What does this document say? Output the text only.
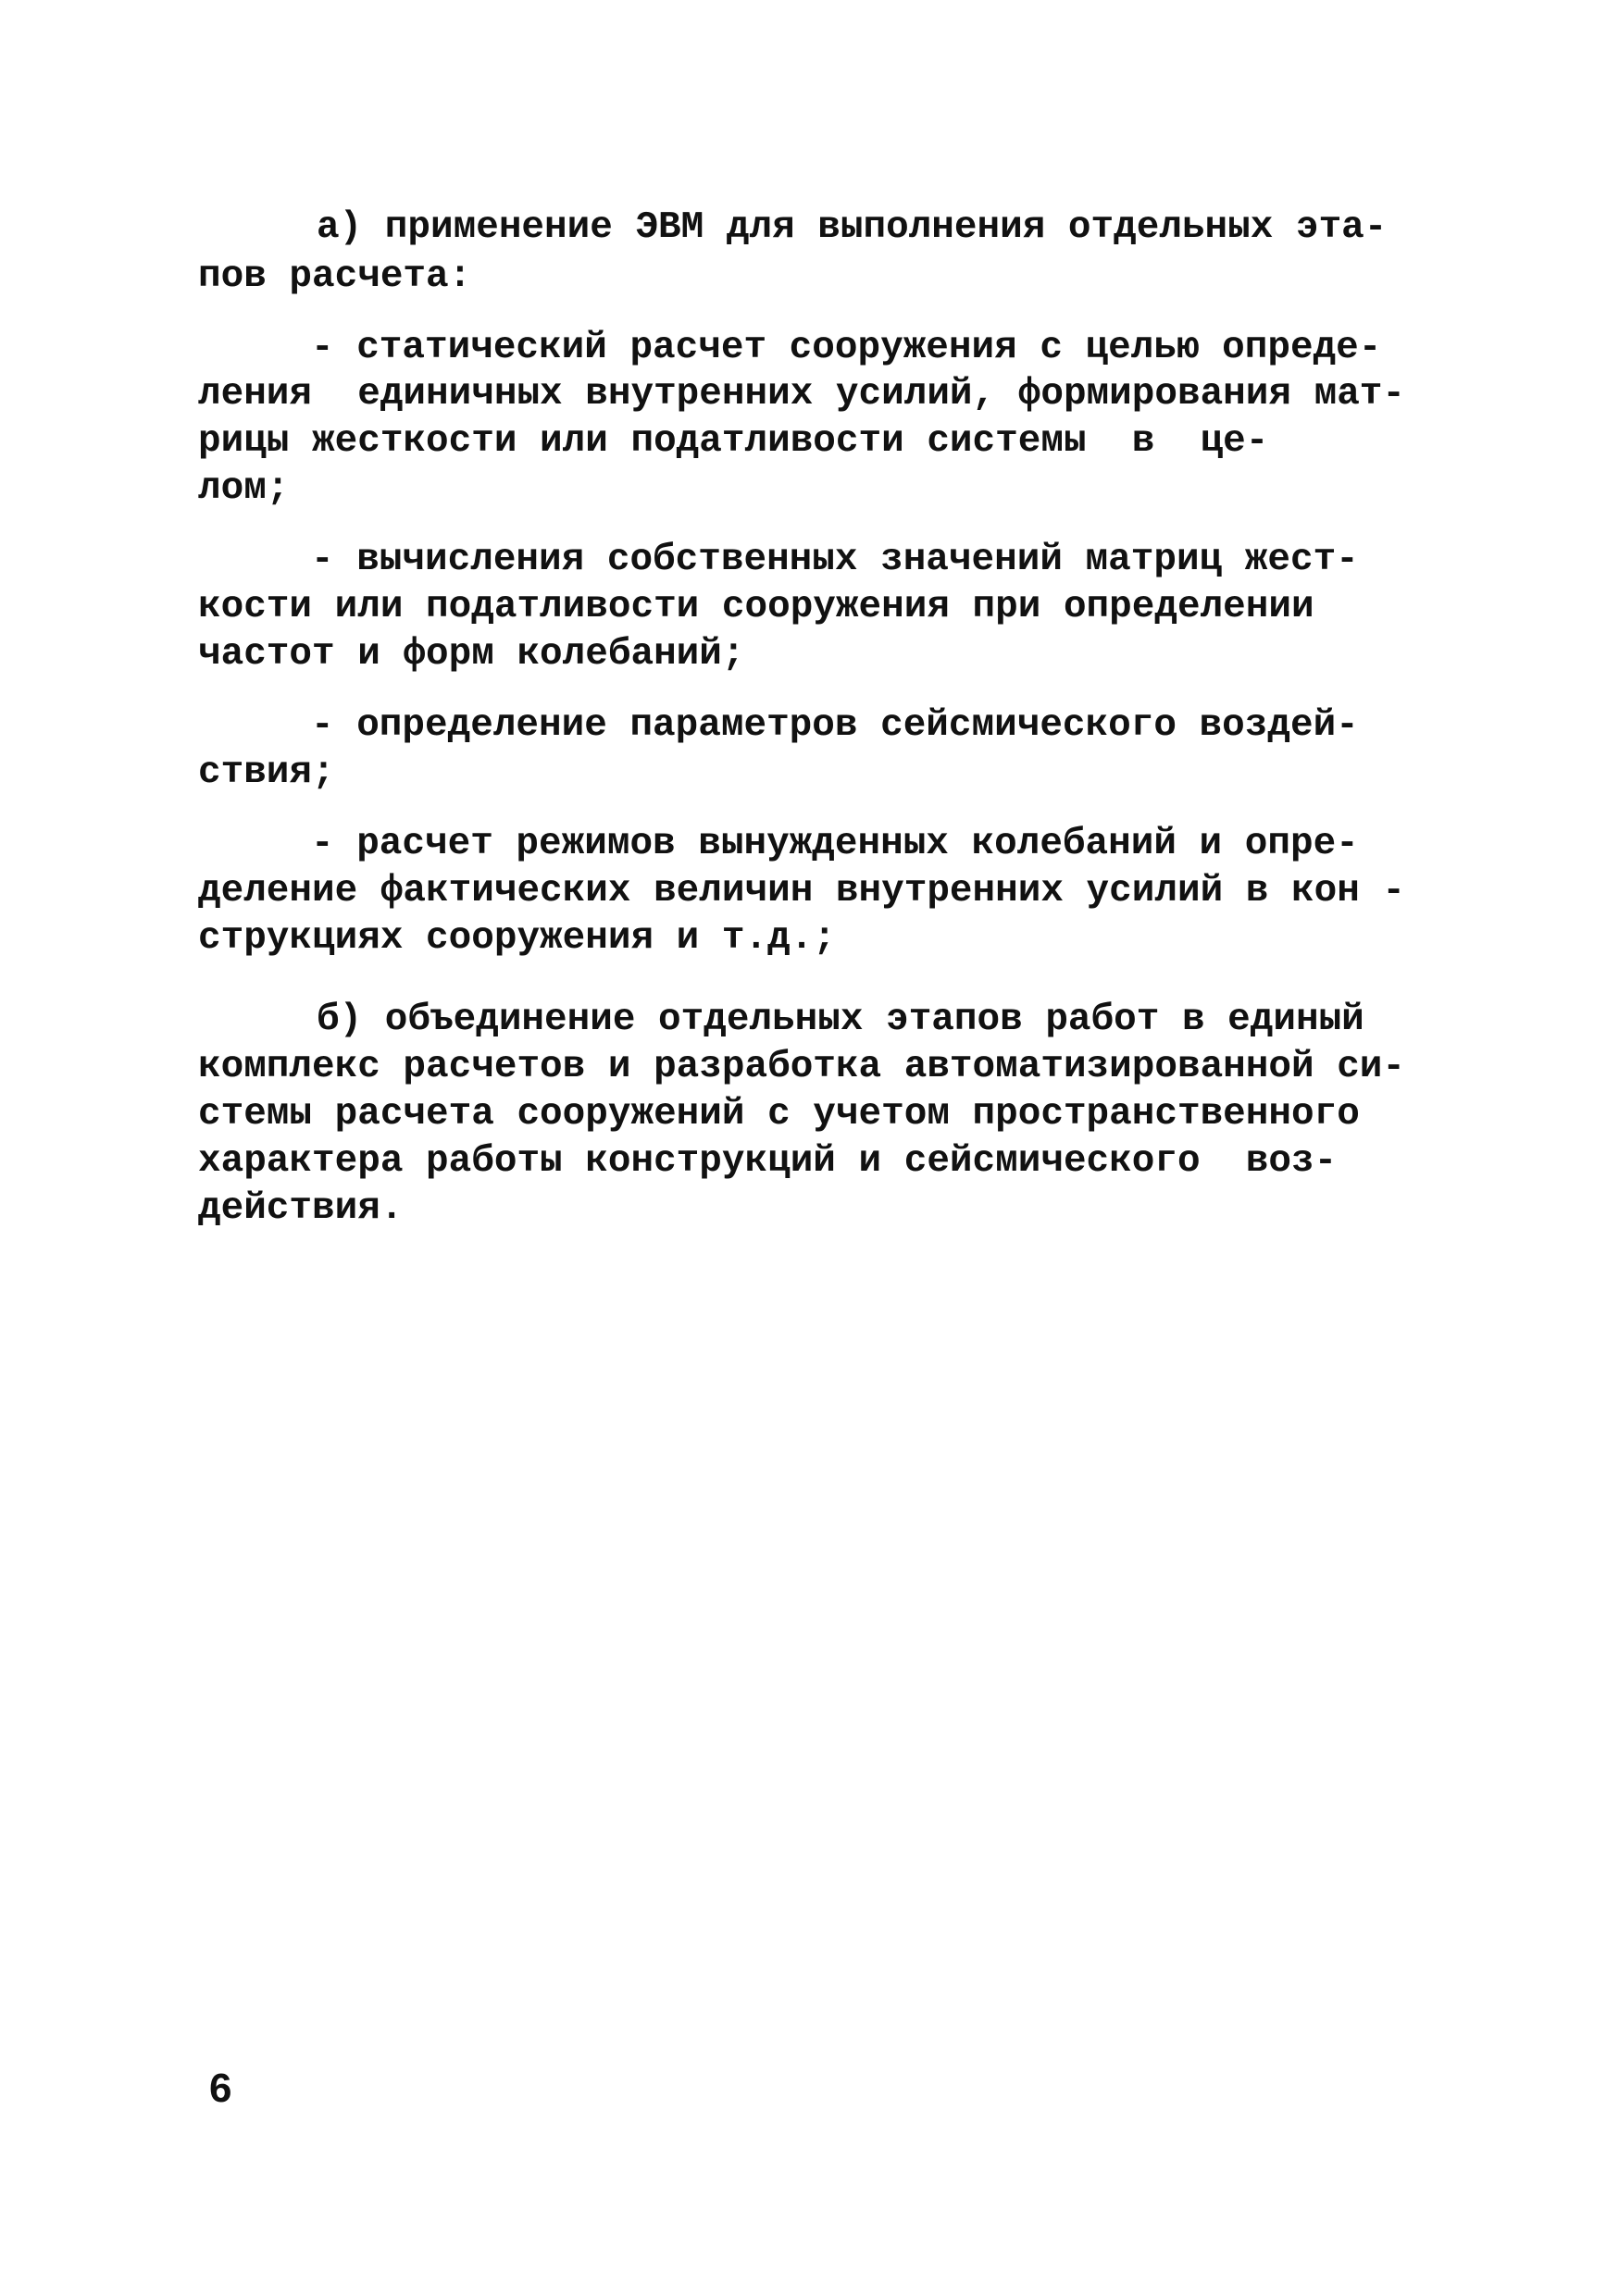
а) применение ЭВМ для выполнения отдельных эта-
пов расчета:
- статический расчет сооружения с целью опреде-
ления  единичных внутренних усилий, формирования мат-
рицы жесткости или податливости системы  в  це-
лом;
- вычисления собственных значений матриц жест-
кости или податливости сооружения при определении
частот и форм колебаний;
- определение параметров сейсмического воздей-
ствия;
- расчет режимов вынужденных колебаний и опре-
деление фактических величин внутренних усилий в кон -
струкциях сооружения и т.д.;
б) объединение отдельных этапов работ в единый
комплекс расчетов и разработка автоматизированной си-
стемы расчета сооружений с учетом пространственного
характера работы конструкций и сейсмического  воз-
действия.
6
